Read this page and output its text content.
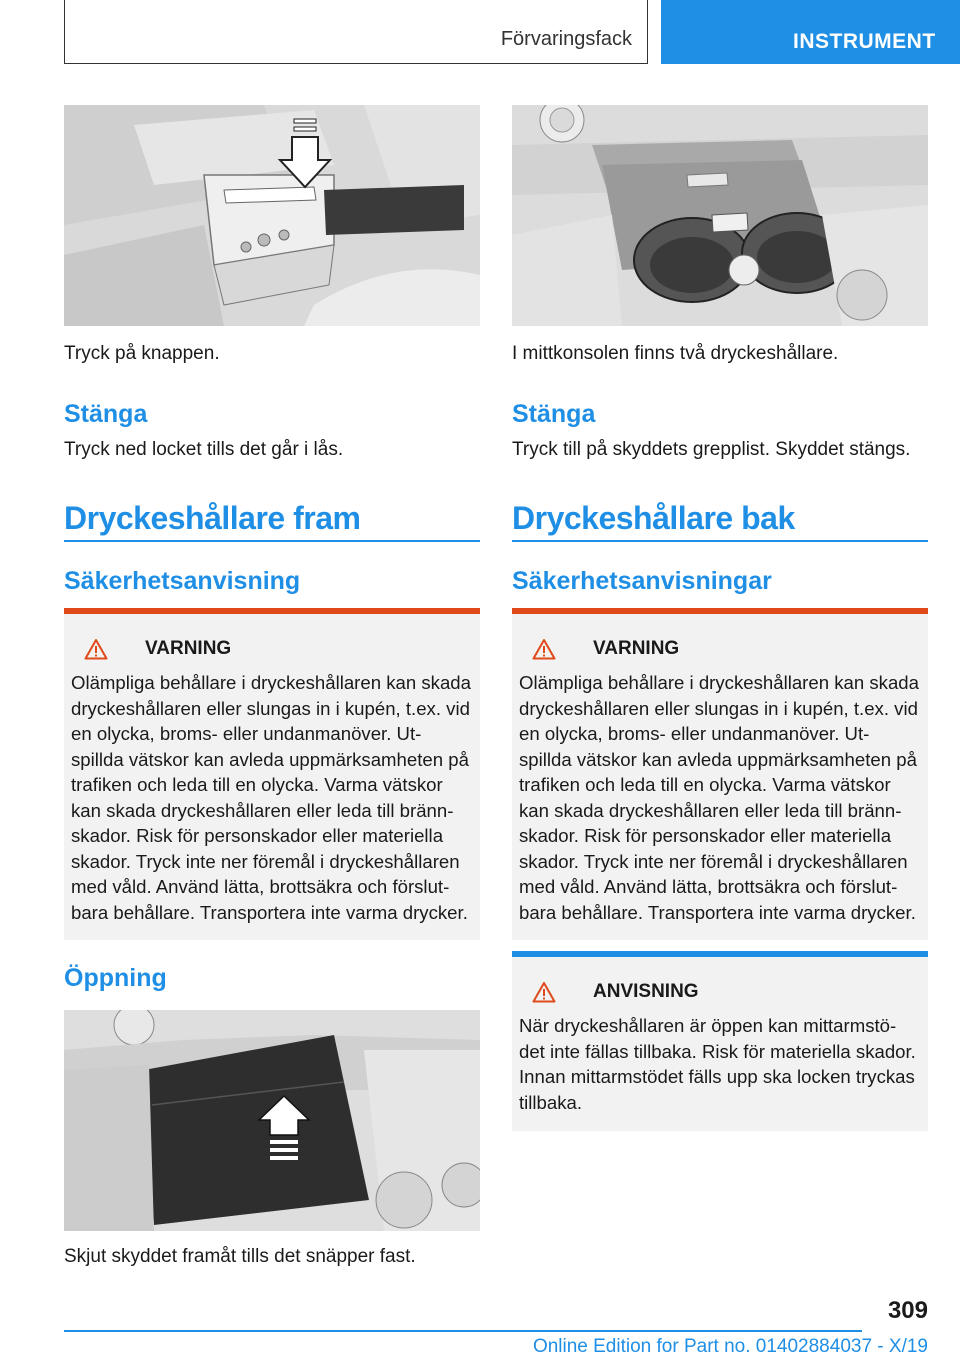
Förvaringsfack	INSTRUMENT
Tryck på knappen.
Stänga
Tryck ned locket tills det går i lås.
Dryckeshållare fram
Säkerhetsanvisning
VARNING
Olämpliga behållare i dryckeshållaren kan skada dryckeshållaren eller slungas in i kupén, t.ex. vid en olycka, broms- eller undanmanöver. Ut-spillda vätskor kan avleda uppmärksamheten på trafiken och leda till en olycka. Varma vätskor kan skada dryckeshållaren eller leda till bränn-skador. Risk för personskador eller materiella skador. Tryck inte ner föremål i dryckeshållaren med våld. Använd lätta, brottsäkra och förslut-bara behållare. Transportera inte varma drycker.
Öppning
Skjut skyddet framåt tills det snäpper fast.
I mittkonsolen finns två dryckeshållare.
Stänga
Tryck till på skyddets grepplist. Skyddet stängs.
Dryckeshållare bak
Säkerhetsanvisningar
VARNING
Olämpliga behållare i dryckeshållaren kan skada dryckeshållaren eller slungas in i kupén, t.ex. vid en olycka, broms- eller undanmanöver. Ut-spillda vätskor kan avleda uppmärksamheten på trafiken och leda till en olycka. Varma vätskor kan skada dryckeshållaren eller leda till bränn-skador. Risk för personskador eller materiella skador. Tryck inte ner föremål i dryckeshållaren med våld. Använd lätta, brottsäkra och förslut-bara behållare. Transportera inte varma drycker.
ANVISNING
När dryckeshållaren är öppen kan mittarmstö-det inte fällas tillbaka. Risk för materiella skador. Innan mittarmstödet fälls upp ska locken tryckas tillbaka.
309
Online Edition for Part no. 01402884037 - X/19
